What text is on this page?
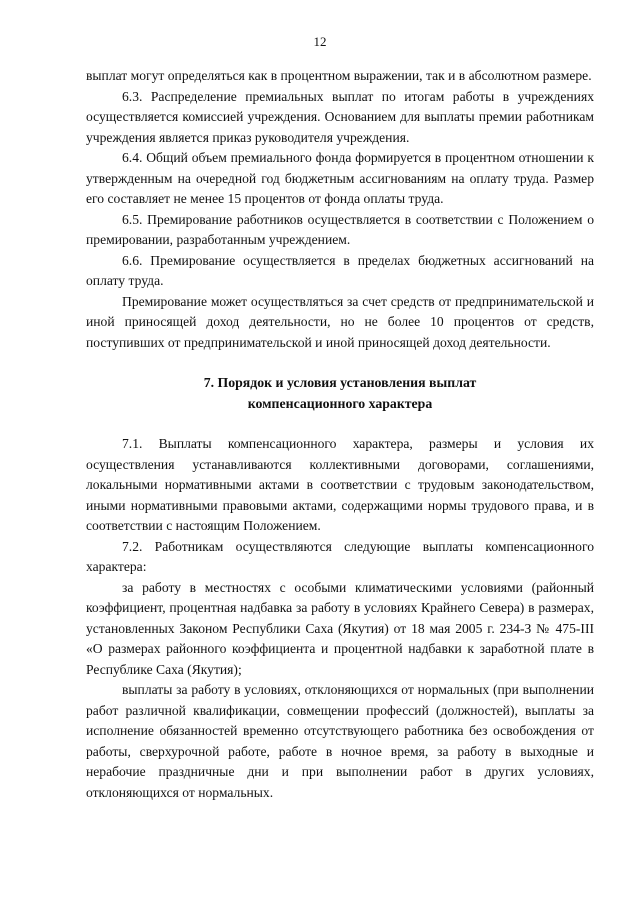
12

выплат могут определяться как в процентном выражении, так и в абсолютном размере.

6.3. Распределение премиальных выплат по итогам работы в учреждениях осуществляется комиссией учреждения. Основанием для выплаты премии работникам учреждения является приказ руководителя учреждения.

6.4. Общий объем премиального фонда формируется в процентном отношении к утвержденным на очередной год бюджетным ассигнованиям на оплату труда. Размер его составляет не менее 15 процентов от фонда оплаты труда.

6.5. Премирование работников осуществляется в соответствии с Положением о премировании, разработанным учреждением.

6.6. Премирование осуществляется в пределах бюджетных ассигнований на оплату труда.

Премирование может осуществляться за счет средств от предпринимательской и иной приносящей доход деятельности, но не более 10 процентов от средств, поступивших от предпринимательской и иной приносящей доход деятельности.

7. Порядок и условия установления выплат компенсационного характера

7.1. Выплаты компенсационного характера, размеры и условия их осуществления устанавливаются коллективными договорами, соглашениями, локальными нормативными актами в соответствии с трудовым законодательством, иными нормативными правовыми актами, содержащими нормы трудового права, и в соответствии с настоящим Положением.

7.2. Работникам осуществляются следующие выплаты компенсационного характера:

за работу в местностях с особыми климатическими условиями (районный коэффициент, процентная надбавка за работу в условиях Крайнего Севера) в размерах, установленных Законом Республики Саха (Якутия) от 18 мая 2005 г. 234-З № 475-III «О размерах районного коэффициента и процентной надбавки к заработной плате в Республике Саха (Якутия);

выплаты за работу в условиях, отклоняющихся от нормальных (при выполнении работ различной квалификации, совмещении профессий (должностей), выплаты за исполнение обязанностей временно отсутствующего работника без освобождения от работы, сверхурочной работе, работе в ночное время, за работу в выходные и нерабочие праздничные дни и при выполнении работ в других условиях, отклоняющихся от нормальных.
